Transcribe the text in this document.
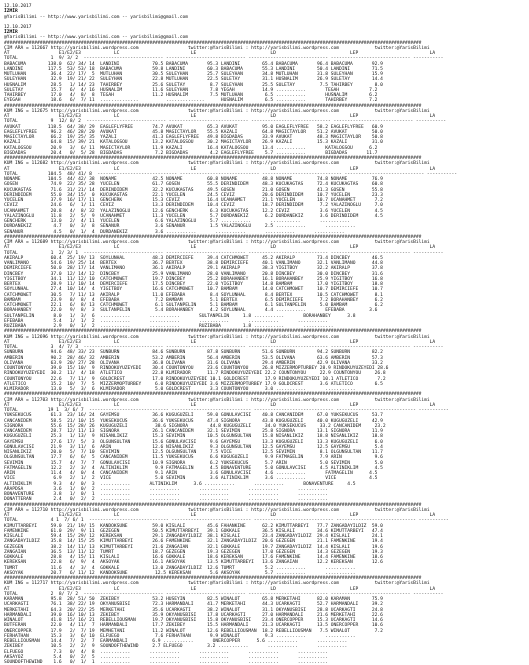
12.10.2017
İZMİR
@YarisBilimi -- http://www.yarisbilimi.com -- yarisbilimi@gmail.com
12.10.2017
İZMİR
@YarisBilimi -- http://www.yarisbilimi.com -- yarisbilimi@gmail.com
########################################################################################################################################################
ÇIM ARA = 112667 http://yarisbilimi.wordpress.com                  twitter:@YarisBilimi : http://yarisbilimi.wordpress.com             twitter:@YarisBilimi
AT                  E1/E2/E3            LC                          LE                           LD                           LEP                          LA
TOTAL            1  9/ 3/ 2  ----------------------------- ----------------------------- ----------------------------- ----------------------------- -----------
BABACUMA        138.0  62/ 34/ 14  LANDINI            70.5 BABACUMA       95.3 LANDINI        65.4 BABACUMA       96.4 BABACUMA       92.9
LANDINI         117.5  53/ 53/ 18  BABACUMA           59.8 LANDINI        60.3 BABACUMA       55.3 LANDINI        50.4 LANDINI        71.5
MUTLUHAN         36.4  22/ 17/  5  MUTLUHAN           30.5 SULEYHAN       25.7 SULEYHAN       34.8 MUTLUHAN       31.8 SULEYHAN       15.9
SULEYHAN         32.9  19/ 21/ 22  SULEYHAN           22.8 MUTLUHAN       22.5 SULETAY        31.1 HUSNALIM       26.9 SULETAY        14.4
HUSNALIM         28.5   1/ 14/ 23  TAHIRBEY           25.6 SULETAY         8.7 SULEYHAN       25.5 SULETAY         7.5 TAHIRBEY        8.0
SULETAY          15.7   6/  4/ 16  HUSNALIM           11.6 SULEYHAN        7.8 YEGAH          14.9 ...........       TEGAH           7.2
TAHIRBEY         17.0   4/  8/  8  TEGAH              11.2 HUSNALIM        7.5 MUTLUHAN        6.5 ...........       HUSNALIM        6.2
EYEGAH           18.6   6/  7/ 11  ..............          ..............      HUSNALIM        6.5 ...........       TAHIRBEY        7.2
########################################################################################################################################################
KUM ING = 112675 http://yarisbilimi.wordpress.com                  twitter:@YarisBilimi : http://yarisbilimi.wordpress.com             twitter:@YarisBilimi
AT                  E1/E2/E3            LC                          LE                           LD                           LEP                          LA
TOTAL            9  12/ 8/ 2  ----------------------------- ----------------------------- ----------------------------- ----------------------------- -----------
AVUKAT          118.5  64/ 38/ 29  EAGLEFLYFREE       74.7 AVUKAT         65.3 AVUKAT         95.0 EAGLEFLYFREE   58.2 EAGLEFLYFREE   60.9
EAGLEFLYFREE     96.2  46/ 28/ 20  AVUKAT             45.8 MAGICTAYLOR    55.5 KAZALI         64.8 MAGICTAYLOR    51.2 AVUKAT         50.0
MAGICTAYLOR      66.2  19/ 25/ 35  YAZALI             41.3 EAGLEFLYFREE   49.8 BIGDADAS       33.9 AVUKAT         48.3 MAGICTAYLOR    50.8
KAZALI           64.8  15/ 39/ 21  KATALOGSOU         13.2 KATALOGSOU     30.2 MAGICTAYLOR    26.9 KAZALI         15.3 KAZALI         31.0
KATALOGSOU       20.9   3/  6/ 11  MAGICTAYLOR        11.9 KAZALI         16.4 KATALOGSOU     13.4 ...........       KATALOGSOU      6.2
BIGDADAS         20.4   0/  5/ 28  BIGDADAS            7.2 BIGDADAS        4.2 EAGLEFLYFREE    5.7 ...........       BIGDADAS       11.7
########################################################################################################################################################
KUM ING = 112682 http://yarisbilimi.wordpress.com                  twitter:@YarisBilimi : http://yarisbilimi.wordpress.com             twitter:@YarisBilimi
AT                  E1/E2/E3            LC                          LE                           LD                           LEP                          LA
TOTAL           104.5  48/ 41/ 8  ----------------------------- ----------------------------- ----------------------------- ----------------------------- -----------
NONAME          104.5  44/ 42/ 38  NONAME             42.5 NONAME         60.8 NONAME         48.8 NONAME         74.8 NONAME         76.9
GOSEN            74.9  22/ 35/ 28  YUCELEN            61.7 GOSEN          55.5 DERINDIDEM     48.3 KUCUKAGTAS     72.4 KUCUKAGTAS     60.8
KUCUKAGTAS       71.6  31/ 21/ 14  DERINDIDEM         32.2 KUCUKAGTAS     49.5 GOSEN          21.0 GOSEN          41.3 GOSEN          55.8
DERINDIDEM       55.0  34/ 15/  0  KUCUKAGTAS         22.1 YUCELEN        24.5 CEVIZ          20.6 DERINDIDEM     10.7 YUCELEN        23.3
YUCELEN          37.9  16/ 17/ 11  GENCHERK           15.3 CEVIZ          16.4 UCANAHMET      21.1 YUCELEN        10.7 UCANAHMET       7.2
CEVIZ            24.6   6/  1/ 11  CEVIZ              13.3 DERINDIDEM     10.4 CEVIZ          18.7 DERINDIDEM      7.2 YALAZINOGLU     7.0
UCANAHMET        20.8   4/  8/ 32  YALAZINOGLU        12.6 GENCHERK        6.3 KUCUKAGTAS     12.2 CEVIZ           3.6 YUCELEN         4.5
YALAZINOGLU      11.8   2/  5/  9  UCANAHMET          11.3 YUCELEN         5.7 DURDANEKIZ      6.2 DURDANEKIZ      3.6 DERINDIDEM      4.5
GENCHERK         13.0   2/  4/ 11  YUCELEN             6.6 YALAZINOGLU     5.7 ...........       ...........       ...........
DURDANEKIZ        4.7   0/  3/  8  SENANUR             3.6 SENANUR         1.5 YALAZINOGLU     2.5 ...........       ...........
SENANUR           4.5   0/  1/  4  DURDANEKIZ          3.6 ...........       ...........       ...........       ...........
########################################################################################################################################################
ÇIM ARA = 112689 http://yarisbilimi.wordpress.com                  twitter:@YarisBilimi : http://yarisbilimi.wordpress.com             twitter:@YarisBilimi
AT                  E1/E2/E3            LC                          LE                           LD                           LEP                          LA
TOTAL            1  2/ 3/ 1  ----------------------------- ----------------------------- ----------------------------- ----------------------------- -----------
AKIRALP          60.4  25/ 19/ 13  SOYLUNHAL          48.3 DEMIRCIEFE     39.4 CATCHMOWET     45.2 AKIRALP        73.4 DINCBEY        46.5
VANLIMANO        54.6  19/ 25/ 14  BERTEX             36.7 BERTEX         38.8 DEMIRCIEFE     40.1 VANLIMANO      32.1 VANLIMANO      44.8
DEMIRCIEFE       50.0  28/ 17/ 14  VANLIMANO          36.1 AKIRALP        29.1 AKIRALP        38.3 YIGITBOY       32.2 AKIRALP        37.8
DINCBEY          37.0  12/ 14/ 12  DINCBEY            25.9 VANLIMANO      28.0 VANLIMANO      20.8 DINCBEY        30.0 DINCBEY        31.6
YIGITBOY         34.1  11/ 12/ 10  CATCHMOWET         19.7 DINCBEY        25.2 BORAHANBEY     16.1 BORAHANBEY     25.9 YIGITBOY       16.8
BERTEX           28.9  11/ 10/ 14  DEMIRCIEFE         17.5 DINCBEY        22.0 YIGITBOY       14.8 BAMBAM         17.0 YIGITBOY       18.8
SOYLUNHAL        27.4  10/ 14/  4  YIGITBOY           16.6 CATCHMOWET     10.7 BAMBAM         14.0 CATCHMOWET     10.7 DEMIRCIEFE     10.7
CATCHMOWET       30.5   7/ 11/ 13  AKIRALP            11.0 EFEBABA         8.4 SOYLUNHAL       8.4 BERTEX         10.5 CATCHMOWET      8.1
BAMBAM           23.9   8/  8/  4  EFEBABA             7.2 BAMBAM          5.1 BERTEX          6.5 DEMIRCIEFE      7.2 BORAHANBEY      6.2
CATCHMOWET       22.1   6/  8/ 13  CATCHMOWET          6.1 SULTANPELIN     5.1 BAMBAM          6.1 SULTANPELIN     5.0 BAMBAM          6.2
BORAHANBEY       22.0   9/  8/  3  SULTANPELIN         5.4 BORAHANBEY      4.2 SOYLUNHAL       4.4 ...........       EFEBABA         3.6
SULTANPELIN       8.0   1/  3/  6  ...........       ...........       SULTANPELIN     1.8 ...........       BORAHANBEY      3.8
EFEBABA           5.4   1/  1/  2  ...........       ...........       ...........       ...........       ...........
RUZIBABA          2.9   0/  1/  2  ...........       ...........       RUZIBABA        1.8 ...........       ...........
########################################################################################################################################################
KUM ING = 112696 http://yarisbilimi.wordpress.com                  twitter:@YarisBilimi : http://yarisbilimi.wordpress.com             twitter:@YarisBilimi
AT                  E1/E2/E3            LC                          LE                           LD                           LEP                          LA
TOTAL            3  4/ 7/ 3  ----------------------------- ----------------------------- ----------------------------- ----------------------------- -----------
SUNBURN          94.6  48/ 33/ 23  SUNBURN            84.6 SUNBURN        87.8 SUNBURN        51.6 SUNBURN        94.2 SUNBURN        82.2
AMBERIN          90.2  28/ 46/ 32  AMBERIN            53.2 AMBERIN        56.4 AMBERIN        53.5 OLIVANA        63.6 AMBERIN        57.3
OLIVANA          63.9  20/ 27/ 28  OLIVANA            36.8 OLIVANA        31.6 OLIVANA        29.4 AMBERIN        42.9 OLIVANA        33.2
COUNTONYOU       39.0  15/ 10/  9  RINDOKUYUZEYEDI    30.4 COUNTONYOU     23.6 COUNTONYOU     26.8 MIZZERMOPTURBEY 28.9 RINDOKUYUZEYEDI 28.6
RINDOKUYUZEYEDI  30.2  11/  4/ 18  ATLETICO           22.8 KLMIRADOR      11.7 RINDOKUYUZEYEDI 22.2 COUNTONYOU     22.9 COUNTONYOU     26.8
COUNTONYOU       22.6   7/ 11/  9  GOLDCREST          17.0 RINDOKUYUZEYEDI 10.1 GOLDCREST      17.9 RINDOKUYUZEYEDI 10.1 ATLETICO       7.2
ATLETICO         15.2  10/  7/  5  MIZZERMOPTURBEY     6.0 RINDOKUYUZEYEDI 3.6 MIZZERMOPTURBEY 17.9 GOLDCREST      3.6 ATLETICO        6.5
KLMIRADOR        13.0   5/  3/  6  KLMIRADOR           5.0 GOLDCREST       3.3 COUNTONYOU      3.0 ...........       ...........
########################################################################################################################################################
ÇIM ARA = 112703 http://yarisbilimi.wordpress.com                  twitter:@YarisBilimi : http://yarisbilimi.wordpress.com             twitter:@YarisBilimi
AT                  E1/E2/E3            LC                          LE                           LD                           LEP                          LA
TOTAL           19 1  3/ 6/ 7  ----------------------------- ----------------------------- ----------------------------- ----------------------------- -----------
YUKSEKUCUS       61.3  23/ 16/ 24  GAYEMSU            36.6 KUGUGUZELI     59.0 GONULAVCISI    40.8 CANCANIDEM     67.0 YUKSEKUCUS     53.7
CANCANIDEM       58.5  21/ 10/ 15  YUKSEKUCUS         36.6 YUKSEKUCUS     47.4 SIGNORA        43.8 KUGUGUZELI     40.0 KUGUGUZELI     42.9
SIGNORA          55.6  15/ 28/ 26  KUGUGUZELI          38.6 SIGNORA        44.8 KUGUGUZELI     34.0 YUKSEKUCUS     33.2 CANCANIDEM     23.2
CANCANIDEM       28.7  12/ 11/ 13  SIGNORA            26.1 CANCANIDEM     32.1 SEVIMIN        25.8 SIGNORA        13.1 SIGNORA        11.9
KUGUGUZELI       25.3   1/ 13/  9  NISANLIKIZ         15.3 SEVIMIN        10.5 OLGUNSULTAN    15.8 NISANLIKIZ     18.8 NISANLIKIZ     18.8
GAYEMSU          27.6  17/  5/  3  OLGUNSULTAN        15.6 GONULAVCISI     9.6 GAYEMSU        13.3 KUGUGUZELI     13.3 KUGUGUZELI      6.0
GONULAVCISI      21.9   3/ 11/  6  ARIN               12.6 NISANLIKIZ      9.3 OLGUNSULTAN    12.5 GAYEMSU        12.5 GAYEMSU         5.4
NISANLIKIZ       20.0   5/  7/ 10  SEVIMIN            12.5 OLGUNSULTAN     7.5 VICE           12.5 SEVIMIN         8.1 OLGUNSULTAN    11.7
OLGUNSULTAN      17.7   6/  6/  5  CANCANIDEM         11.5 YUKSEKUCUS      6.6 KUGUGUZELI      9.9 FATMAGELIN      7.9 ARIN            9.6
SEVIMIN          15.7   4/  7/  7  GONULAVCISI        10.9 SIGNORA         6.2 YUKSEKUCUS      5.7 ARIN            5.0 SEVIMIN         5.0
FATMAGELIN       12.2   2/  3/  4  ALTINIKLIM          9.9 FATMAGELIN      4.5 BONAVENTURE     5.0 GONULAVCISI     4.5 ALTINIKLIM      4.5
ARIN             11.4   4/  0/  4  CANCANIDEM          9.1 ARIN            3.6 GONULAVCISI     4.6 ...........       FATMAGELIN      4.5
VICE              6.9   2/  1/  2  VICE                5.0 SEVIMIN         3.6 ALTINIKLIM      3.6 ...........       VICE            4.5
ALTINIKLIM        9.3   4/  0/  3  ...........       ALTINIKLIM      3.6 ...........       ...........       BONAVENTURE     4.5
ARAPDSA           3.6   1/  0/  2  ...........       ...........       ...........       ...........       ...........
BONAVENTURE       3.8   1/  0/  1  ...........       ...........       ...........       ...........       ...........
DONATTERAN        2.4   0/  2/  2  ...........       ...........       ...........       ...........       ...........
########################################################################################################################################################
ÇIM ARA = 112710 http://yarisbilimi.wordpress.com                  twitter:@YarisBilimi : http://yarisbilimi.wordpress.com             twitter:@YarisBilimi
AT                  E1/E2/E3            LC                          LE                           LD                           LEP                          LA
TOTAL            4 1  7/ 6/ 1  ----------------------------- ----------------------------- ----------------------------- ----------------------------- -----------
KIMUTTARBEYI     59.0  21/ 19/ 15  KANDOKSUNE         59.0 KISLALI        45.6 FAHANKINE      62.2 KIMUTTARBEYI   77.7 ZANGADAYILDIZ  59.0
FAMENKINE        61.0  29/  9/ 11  GEZEGEN            50.5 KIMUTTARBEYI   39.1 GOKKALE        36.5 KISLALI        34.6 KIMUTTARBEYI   47.4
KISLALI          59.4  15/ 29/ 12  KEREKSAN           29.1 ZANGADAYILDIZ  38.1 KISLALI        23.4 ZANGADAYILDIZ  29.4 KISLALI        24.1
ZANGADAYILDIZ    35.8  14/ 15/ 25  KIMUTTARBEYI       26.6 FAMENKINE      32.1 ZANGADAYILDIZ  20.6 GEZEGEN        21.1 FAMENKINE      19.4
GEZEGEN          38.2  14/ 11/ 13  KIMUTTARBEYI       21.6 ZANGAIAN       32.1 GOKKALE        19.7 ZANGADAYILDIZ  14.4 KISLALI        19.6
ZANGAIAN         36.5  13/ 11/ 12  TUMRT              18.7 GEZEGEN        19.3 GEZEGEN        17.0 GEZEGEN        14.3 GEZEGEN        19.3
GOKKALE          28.8   4/ 15/ 11  KISLALI            16.6 GOKKALE        18.6 KEREKSAN       17.6 FAMENKINE      14.4 FAMENKINE      18.6
KEREKSAN         22.8   6/  9/  4  AKSOYAK            16.1 AKSOYAK        13.5 KIMUTTARBEYI   13.6 ZANGAIAN       12.2 KEREKSAN       12.6
TUMRT            11.6   4/  3/  4  GOKKALE            13.0 ZANGADAYILDIZ  12.6 TUMRT           5.2 ...........       ...........
AKSOYAK          20.7   6/ 11/ 12  KANDOKSUNE          12.5 KEREKSAN       5.6 AKSOYAK         5.7 ...........       ...........
########################################################################################################################################################
KUM ING = 112717 http://yarisbilimi.wordpress.com                  twitter:@YarisBilimi : http://yarisbilimi.wordpress.com             twitter:@YarisBilimi
AT                  E1/E2/E3            LC                          LE                           LD                           LEP                          LA
TOTAL            2  8/ 7/ 2  ----------------------------- ----------------------------- ----------------------------- ----------------------------- -----------
KARAMAN          95.8  28/ 51/ 50  ZEKIBEY            53.2 HUSEYIN        82.5 WINALOT        65.8 MERKETAHI      82.0 KARAMAN        75.9
UCARKAGTI        76.1  38/ 22/ 19  OKYANUSBISI        72.3 HARMANDALI     41.7 MERKETAHI      44.3 UCARKAGTI      52.7 HARMANDALI     39.2
MERKETAHI        64.3  20/ 22/ 25  MERKETAHI          35.6 UCARKAGTI      38.2 WINALOT        31.1 OKYANUSBISI    28.8 UCARKAGTI      24.8
HARMANDALI       39.0  16/ 10/ 13  ZEKIBEY            35.9 OKYANUSBISI    17.8 UCARKAGTI      27.0 HARMANDALI     21.6 MERKETAHI      22.6
WINALOT          41.8  15/ 16/ 21  REBELLIOUSMAN      19.7 OKYANUSBISI    15.8 OKYANUSBISI    23.4 ONERCOPPER     15.3 UCARKAGTI      14.6
BUTFERAN         22.0   4/ 11/  7  HARMANDALI         17.7 ZEKIBEY        15.5 HARMANDALI     21.3 UCARKAGTI      13.5 ONERCOPPER     10.6
ONERCOPPER       17.9   2/  7/ 19  MEMHETANI          11.2 WINALOT        12.6 REBELLIOUSMAN  18.2 REBELLIOUSMAN   7.5 WINALOT         7.2
FERHATHAN        15.3   3/  6/ 10  ELFUEGO             7.6 FERHATHAN       9.9 WINALOT         9.3 ...........       ...........
REBELLIOUSMAN    14.4   7/  2/  7  EARMANDALI         6.9 ...........       ONERCOPPER      5.6 ...........       ...........
ZEKIBEY          10.5   2/  2/  9  SOUNDOFTHEWIND     2.7 ELFUEGO         3.2 ...........       ...........       ...........
ELFUEGO           7.3   0/  4/  8  ...........       ...........       ...........       ...........       ...........
AKSAYOZ           5.4   0/  2/  5  ...........       ...........       ...........       ...........       ...........
SOUNDOFTHEWIND    1.6   0/  1/  1  ...........       ...........       ...........       ...........       ...........
